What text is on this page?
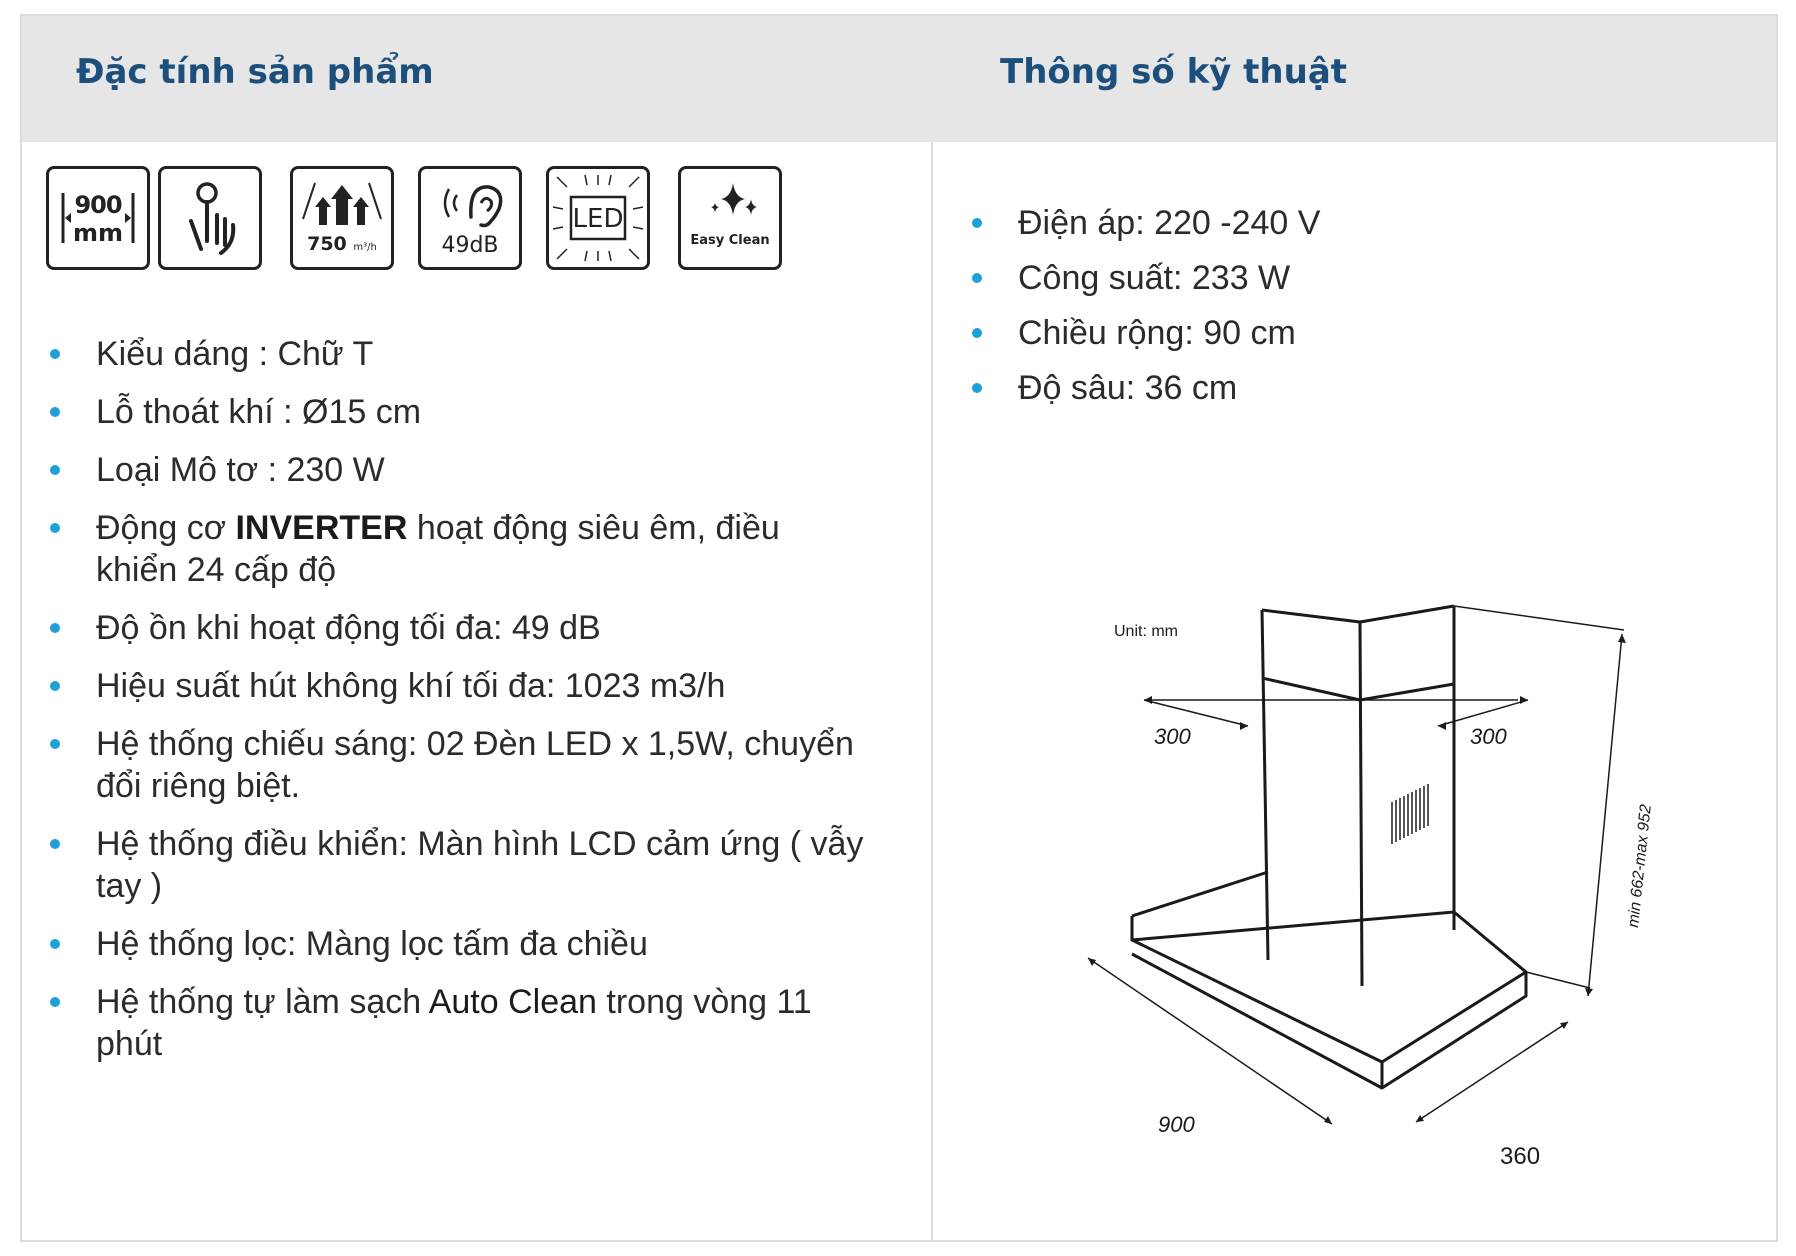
Đặc tính sản phẩm	Thông số kỹ thuật
900
mm	750 m³/h	49dB
LED
Easy Clean
Kiểu dáng : Chữ T
Lỗ thoát khí : Ø15 cm
Loại Mô tơ : 230 W
Động cơ INVERTER hoạt động siêu êm, điều khiển 24 cấp độ
Độ ồn khi hoạt động tối đa: 49 dB
Hiệu suất hút không khí tối đa: 1023 m3/h
Hệ thống chiếu sáng: 02 Đèn LED x 1,5W, chuyển đổi riêng biệt.
Hệ thống điều khiển: Màn hình LCD cảm ứng ( vẫy tay )
Hệ thống lọc: Màng lọc tấm đa chiều
Hệ thống tự làm sạch Auto Clean trong vòng 11 phút
Điện áp: 220 -240 V
Công suất: 233 W
Chiều rộng: 90 cm
Độ sâu: 36 cm
Unit: mm
300	300
min 662-max 952
900
360
